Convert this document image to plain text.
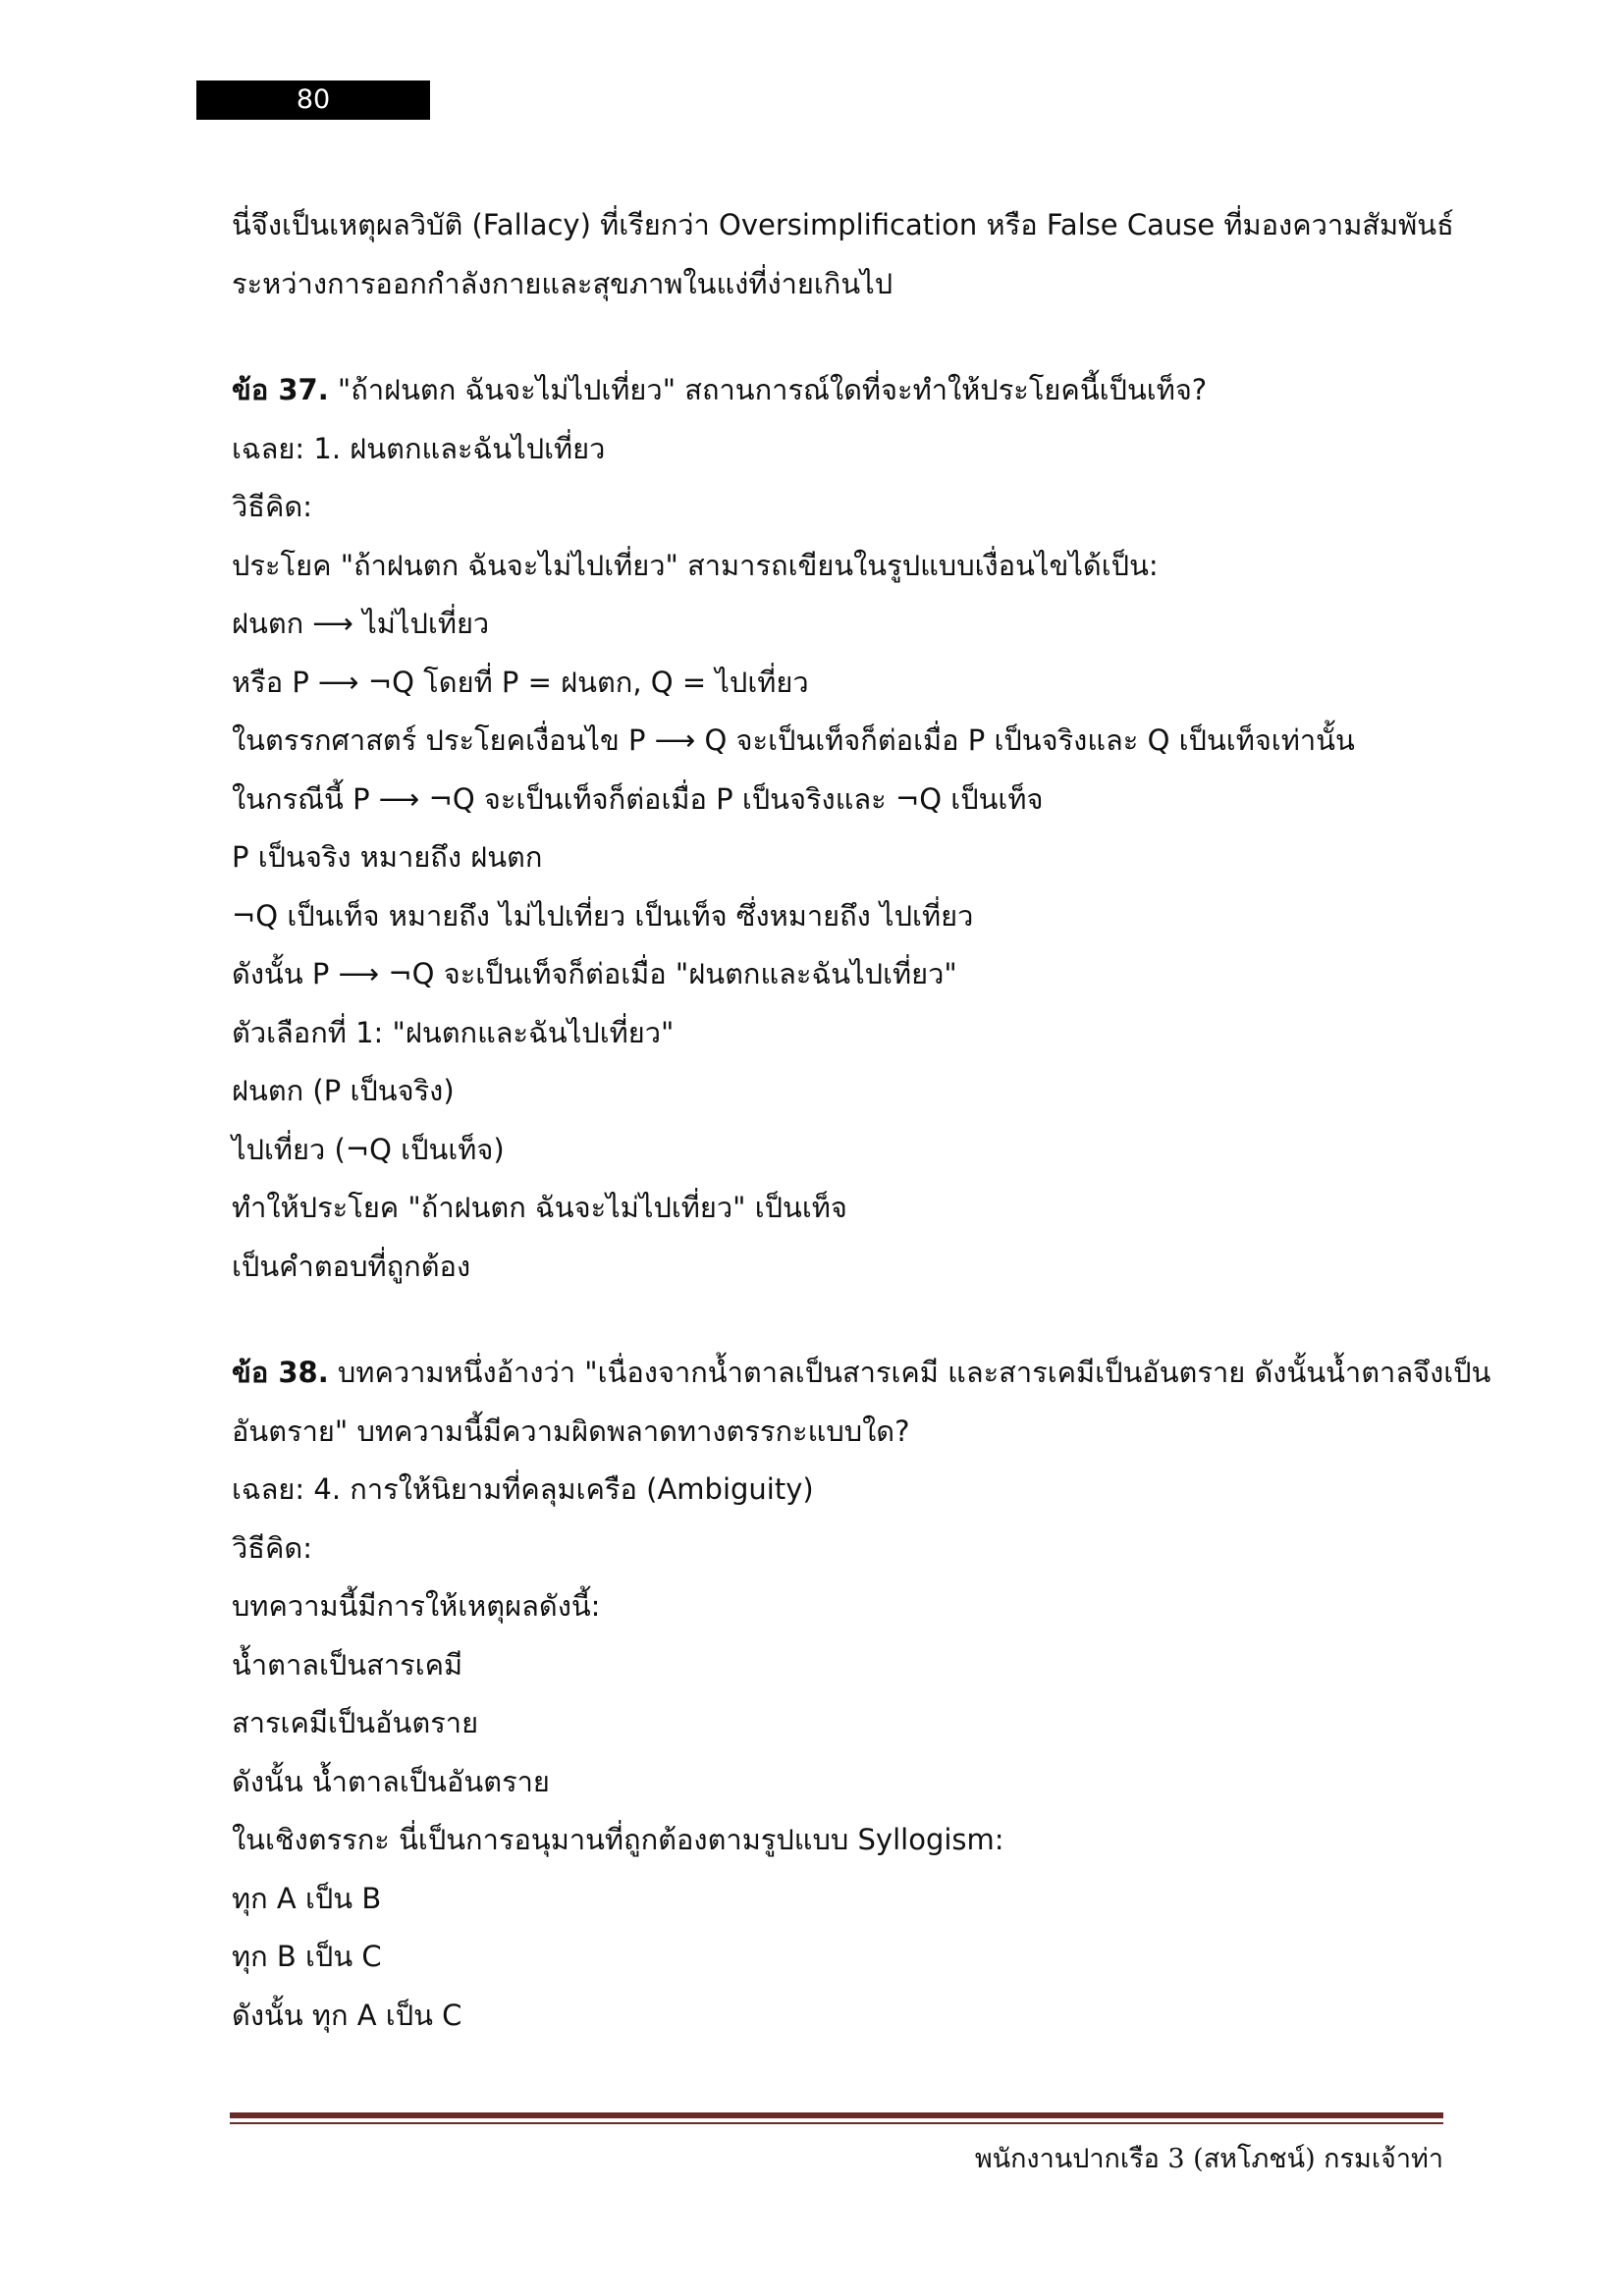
80
นี่จึงเป็นเหตุผลวิบัติ (Fallacy) ที่เรียกว่า Oversimplification หรือ False Cause ที่มองความสัมพันธ์
ระหว่างการออกกำลังกายและสุขภาพในแง่ที่ง่ายเกินไป
ข้อ 37. "ถ้าฝนตก ฉันจะไม่ไปเที่ยว" สถานการณ์ใดที่จะทำให้ประโยคนี้เป็นเท็จ?
เฉลย: 1. ฝนตกและฉันไปเที่ยว
วิธีคิด:
ประโยค "ถ้าฝนตก ฉันจะไม่ไปเที่ยว" สามารถเขียนในรูปแบบเงื่อนไขได้เป็น:
ฝนตก ⟶ ไม่ไปเที่ยว
หรือ P ⟶ ¬Q โดยที่ P = ฝนตก, Q = ไปเที่ยว
ในตรรกศาสตร์ ประโยคเงื่อนไข P ⟶ Q จะเป็นเท็จก็ต่อเมื่อ P เป็นจริงและ Q เป็นเท็จเท่านั้น
ในกรณีนี้ P ⟶ ¬Q จะเป็นเท็จก็ต่อเมื่อ P เป็นจริงและ ¬Q เป็นเท็จ
P เป็นจริง หมายถึง ฝนตก
¬Q เป็นเท็จ หมายถึง ไม่ไปเที่ยว เป็นเท็จ ซึ่งหมายถึง ไปเที่ยว
ดังนั้น P ⟶ ¬Q จะเป็นเท็จก็ต่อเมื่อ "ฝนตกและฉันไปเที่ยว"
ตัวเลือกที่ 1: "ฝนตกและฉันไปเที่ยว"
ฝนตก (P เป็นจริง)
ไปเที่ยว (¬Q เป็นเท็จ)
ทำให้ประโยค "ถ้าฝนตก ฉันจะไม่ไปเที่ยว" เป็นเท็จ
เป็นคำตอบที่ถูกต้อง
ข้อ 38. บทความหนึ่งอ้างว่า "เนื่องจากน้ำตาลเป็นสารเคมี และสารเคมีเป็นอันตราย ดังนั้นน้ำตาลจึงเป็น
อันตราย" บทความนี้มีความผิดพลาดทางตรรกะแบบใด?
เฉลย: 4. การให้นิยามที่คลุมเครือ (Ambiguity)
วิธีคิด:
บทความนี้มีการให้เหตุผลดังนี้:
น้ำตาลเป็นสารเคมี
สารเคมีเป็นอันตราย
ดังนั้น น้ำตาลเป็นอันตราย
ในเชิงตรรกะ นี่เป็นการอนุมานที่ถูกต้องตามรูปแบบ Syllogism:
ทุก A เป็น B
ทุก B เป็น C
ดังนั้น ทุก A เป็น C
พนักงานปากเรือ 3 (สหโภชน์) กรมเจ้าท่า
